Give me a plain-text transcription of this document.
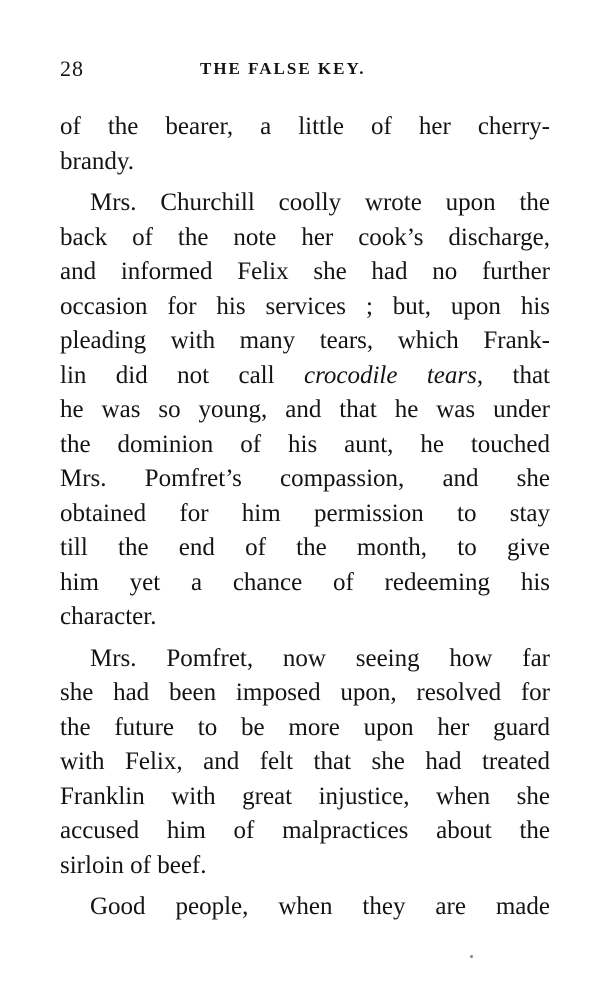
28	THE FALSE KEY.
of the bearer, a little of her cherry-
brandy.
Mrs. Churchill coolly wrote upon the
back of the note her cook’s discharge,
and informed Felix she had no further
occasion for his services ; but, upon his
pleading with many tears, which Frank-
lin did not call crocodile tears, that
he was so young, and that he was under
the dominion of his aunt, he touched
Mrs. Pomfret’s compassion, and she
obtained for him permission to stay
till the end of the month, to give
him yet a chance of redeeming his
character.
Mrs. Pomfret, now seeing how far
she had been imposed upon, resolved for
the future to be more upon her guard
with Felix, and felt that she had treated
Franklin with great injustice, when she
accused him of malpractices about the
sirloin of beef.
Good people, when they are made
